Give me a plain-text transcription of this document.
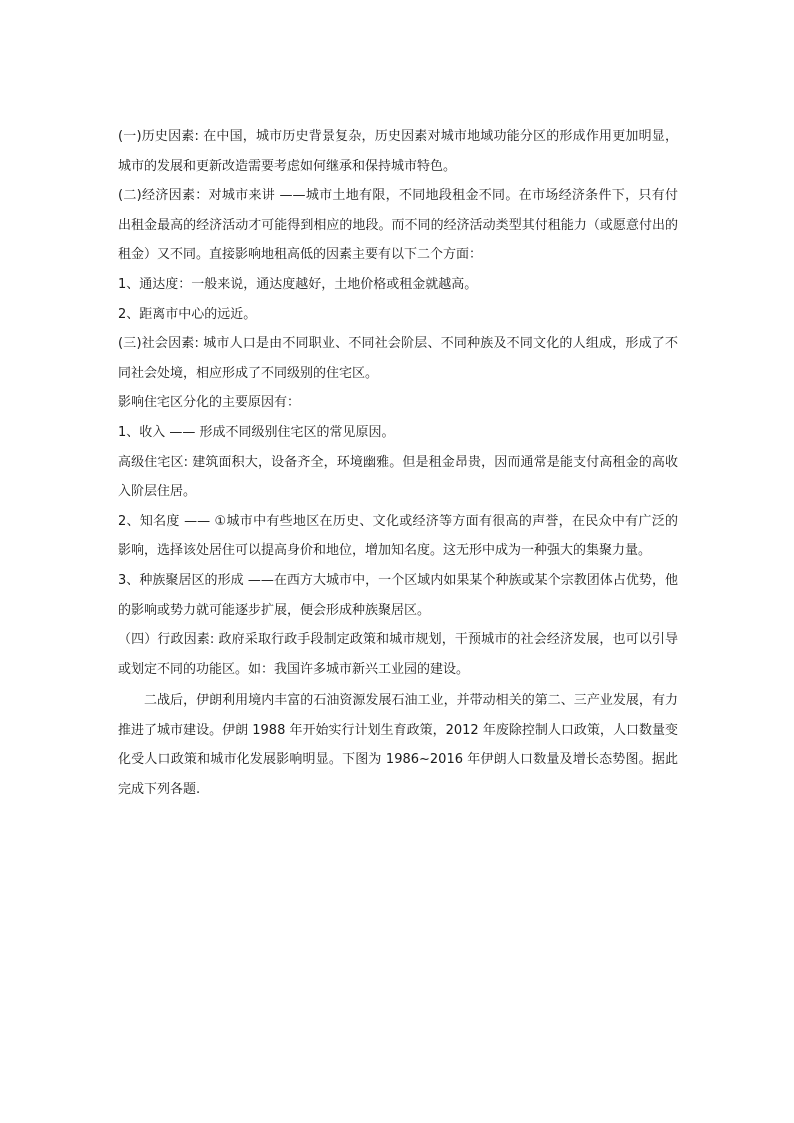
(一)历史因素: 在中国，城市历史背景复杂，历史因素对城市地域功能分区的形成作用更加明显，城市的发展和更新改造需要考虑如何继承和保持城市特色。

(二)经济因素：对城市来讲 ——城市土地有限，不同地段租金不同。在市场经济条件下，只有付出租金最高的经济活动才可能得到相应的地段。而不同的经济活动类型其付租能力（或愿意付出的租金）又不同。直接影响地租高低的因素主要有以下二个方面：

1、通达度：一般来说，通达度越好，土地价格或租金就越高。

2、距离市中心的远近。

(三)社会因素: 城市人口是由不同职业、不同社会阶层、不同种族及不同文化的人组成，形成了不同社会处境，相应形成了不同级别的住宅区。

影响住宅区分化的主要原因有：

1、收入 —— 形成不同级别住宅区的常见原因。

高级住宅区: 建筑面积大，设备齐全，环境幽雅。但是租金昂贵，因而通常是能支付高租金的高收入阶层住居。

2、知名度 —— ①城市中有些地区在历史、文化或经济等方面有很高的声誉，在民众中有广泛的影响，选择该处居住可以提高身价和地位，增加知名度。这无形中成为一种强大的集聚力量。

3、种族聚居区的形成 ——在西方大城市中，一个区域内如果某个种族或某个宗教团体占优势，他的影响或势力就可能逐步扩展，便会形成种族聚居区。

（四）行政因素: 政府采取行政手段制定政策和城市规划，干预城市的社会经济发展，也可以引导或划定不同的功能区。如：我国许多城市新兴工业园的建设。

二战后，伊朗利用境内丰富的石油资源发展石油工业，并带动相关的第二、三产业发展，有力推进了城市建设。伊朗 1988 年开始实行计划生育政策，2012 年废除控制人口政策，人口数量变化受人口政策和城市化发展影响明显。下图为 1986~2016 年伊朗人口数量及增长态势图。据此完成下列各题.
